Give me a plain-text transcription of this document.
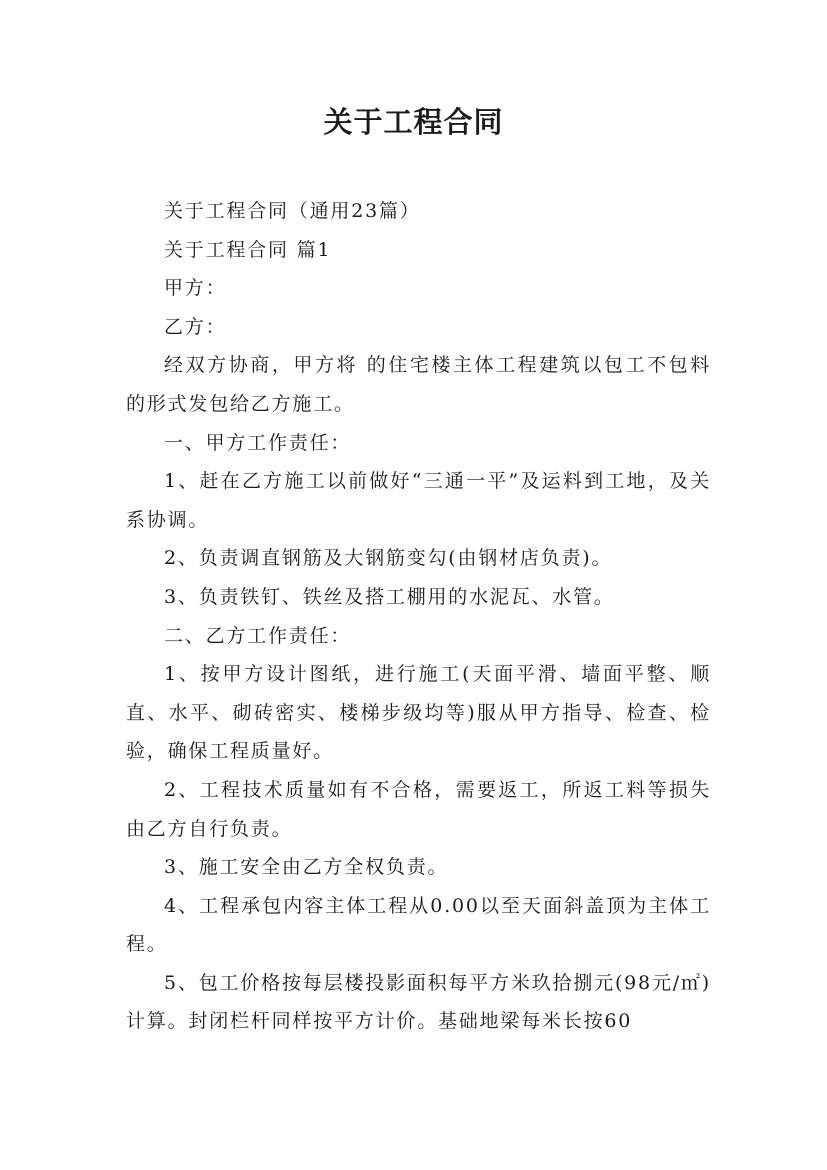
关于工程合同

关于工程合同（通用23篇）

关于工程合同 篇1

甲方：

乙方：

经双方协商，甲方将 的住宅楼主体工程建筑以包工不包料的形式发包给乙方施工。

一、甲方工作责任：

1、赶在乙方施工以前做好“三通一平”及运料到工地，及关系协调。

2、负责调直钢筋及大钢筋变勾(由钢材店负责)。

3、负责铁钉、铁丝及搭工棚用的水泥瓦、水管。

二、乙方工作责任：

1、按甲方设计图纸，进行施工(天面平滑、墙面平整、顺直、水平、砌砖密实、楼梯步级均等)服从甲方指导、检查、检验，确保工程质量好。

2、工程技术质量如有不合格，需要返工，所返工料等损失由乙方自行负责。

3、施工安全由乙方全权负责。

4、工程承包内容主体工程从0.00以至天面斜盖顶为主体工程。

5、包工价格按每层楼投影面积每平方米玖拾捌元(98元/㎡)计算。封闭栏杆同样按平方计价。基础地梁每米长按60
